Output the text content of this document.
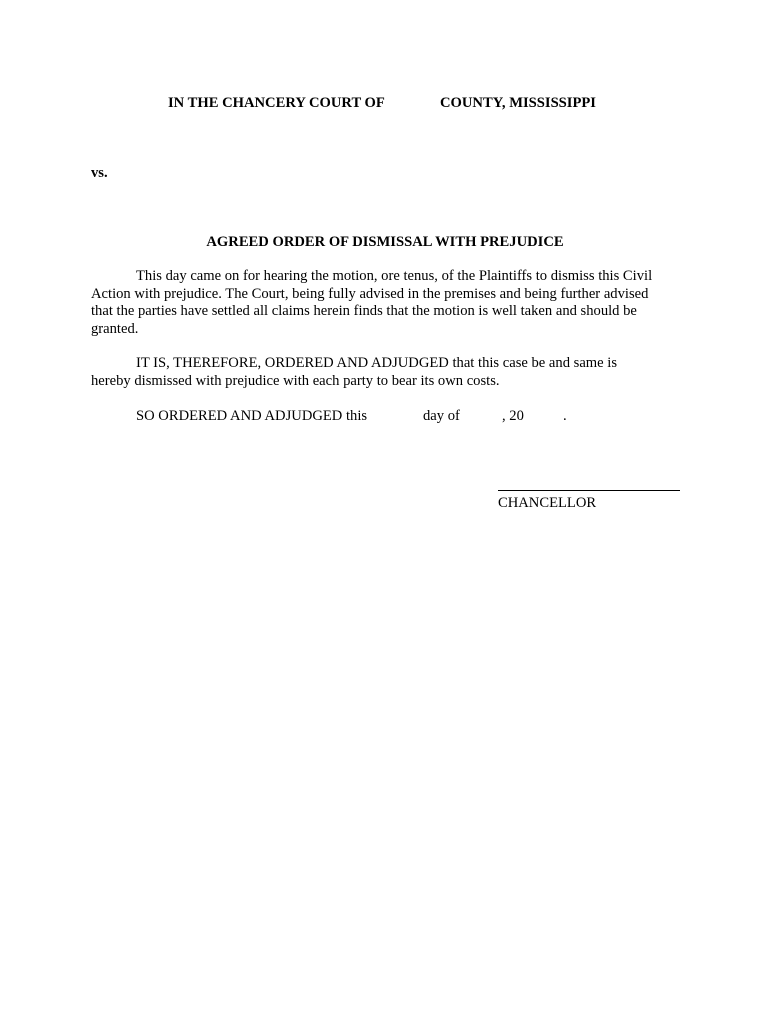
IN THE CHANCERY COURT OF	COUNTY, MISSISSIPPI
vs.
AGREED ORDER OF DISMISSAL WITH PREJUDICE
This day came on for hearing the motion, ore tenus, of the Plaintiffs to dismiss this Civil
Action with prejudice. The Court, being fully advised in the premises and being further advised
that the parties have settled all claims herein finds that the motion is well taken and should be
granted.
IT IS, THEREFORE, ORDERED AND ADJUDGED that this case be and same is
hereby dismissed with prejudice with each party to bear its own costs.
SO ORDERED AND ADJUDGED this	day of	, 20	.
CHANCELLOR
